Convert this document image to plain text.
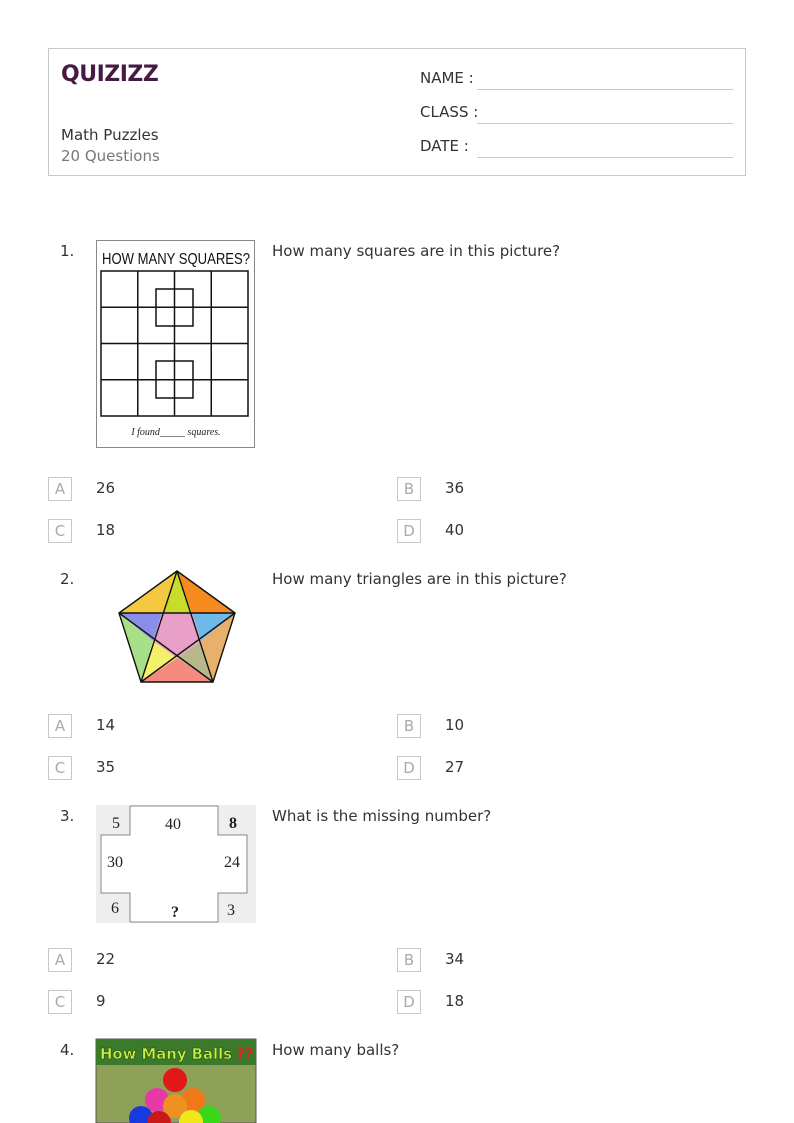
QUIZIZZ
Math Puzzles
20 Questions
NAME :
CLASS :
DATE :
1. HOW MANY SQUARES?
I found_____ squares.
How many squares are in this picture?
A	26	B	36
C	18	D	40
2.	How many triangles are in this picture?
A	14	B	10
C	35	D	27
3. 5	40	8
30	24
6	?	3
What is the missing number?
A	22	B	34
C	9	D	18
4. How Many Balls ?? How many balls?
